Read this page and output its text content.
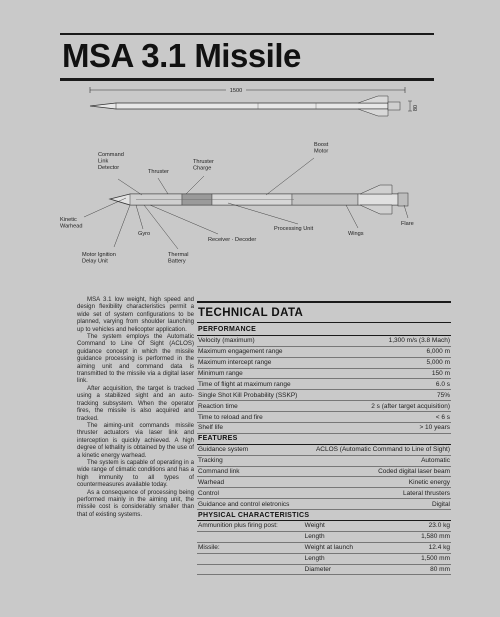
MSA 3.1 Missile
1500
80
Command Link Detector
Thruster
Thruster Charge
Boost Motor
Kinetic Warhead	Processing Unit
Wings
Flare
Gyro
Receiver · Decoder
Motor Ignition Delay Unit
Thermal Battery

MSA 3.1 low weight, high speed and design flexibility characteristics permit a wide set of system configurations to be planned, varying from shoulder launching up to vehicles and helicopter application.

The system employs the Automatic Command to Line Of Sight (ACLOS) guidance concept in which the missile guidance processing is performed in the aiming unit and command data is transmitted to the missile via a digital laser link.

After acquisition, the target is tracked using a stabilized sight and an auto-tracking subsystem. When the operator fires, the missile is also acquired and tracked.

The aiming-unit commands missile thruster actuators via laser link and interception is quickly achieved. A high degree of lethality is obtained by the use of a kinetic energy warhead.

The system is capable of operating in a wide range of climatic conditions and has a high immunity to all types of countermeasures available today.

As a consequence of processing being performed mainly in the aiming unit, the missile cost is considerably smaller than that of existing systems.

TECHNICAL DATA
PERFORMANCE	
Velocity (maximum)	1,300 m/s (3.8 Mach)
Maximum engagement range	6,000 m
Maximum intercept range	5,000 m
Minimum range	150 m
Time of flight at maximum range	6.0 s
Single Shot Kill Probability (SSKP)	75%
Reaction time	2 s (after target acquisition)
Time to reload and fire	< 6 s
Shelf life	> 10 years
FEATURES	
Guidance system	ACLOS (Automatic Command to Line of Sight)
Tracking	Automatic
Command link	Coded digital laser beam
Warhead	Kinetic energy
Control	Lateral thrusters
Guidance and control eletronics	Digital
PHYSICAL CHARACTERISTICS		
Ammunition plus firing post:	Weight	23.0 kg
	Length	1,580 mm
Missile:	Weight at launch	12.4 kg
	Length	1,500 mm
	Diameter	80 mm
